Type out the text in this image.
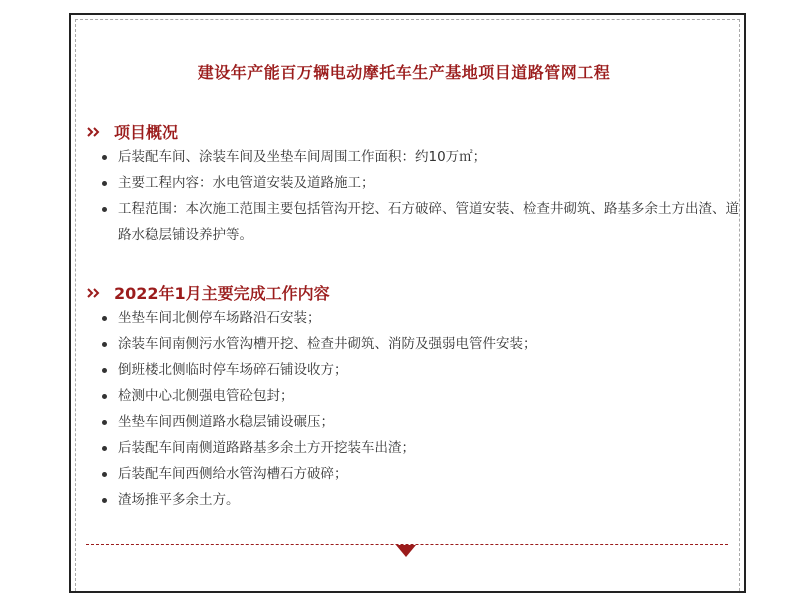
建设年产能百万辆电动摩托车生产基地项目道路管网工程
项目概况
后装配车间、涂装车间及坐垫车间周围工作面积：约10万㎡；
主要工程内容：水电管道安装及道路施工；
工程范围：本次施工范围主要包括管沟开挖、石方破碎、管道安装、检查井砌筑、路基多余土方出渣、道路水稳层铺设养护等。
2022年1月主要完成工作内容
坐垫车间北侧停车场路沿石安装；
涂装车间南侧污水管沟槽开挖、检查井砌筑、消防及强弱电管件安装；
倒班楼北侧临时停车场碎石铺设收方；
检测中心北侧强电管砼包封；
坐垫车间西侧道路水稳层铺设碾压；
后装配车间南侧道路路基多余土方开挖装车出渣；
后装配车间西侧给水管沟槽石方破碎；
渣场推平多余土方。
